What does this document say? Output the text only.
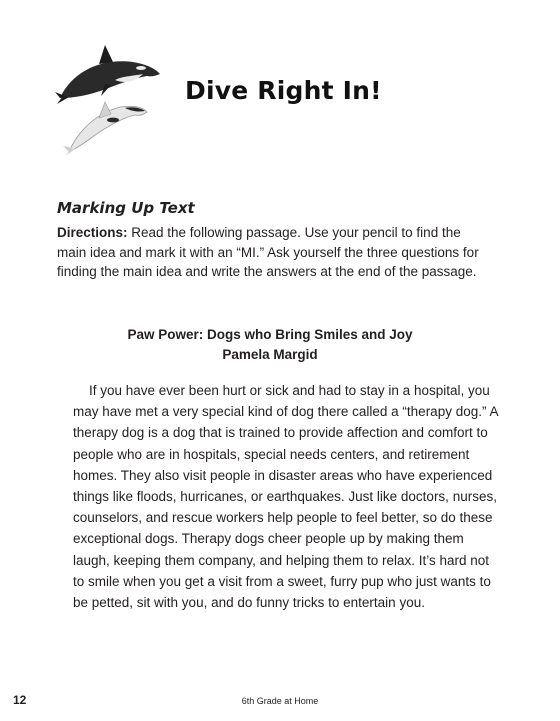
Dive Right In!
Marking Up Text
Directions: Read the following passage. Use your pencil to find the main idea and mark it with an “MI.” Ask yourself the three questions for finding the main idea and write the answers at the end of the passage.
Paw Power: Dogs who Bring Smiles and Joy
Pamela Margid
If you have ever been hurt or sick and had to stay in a hospital, you may have met a very special kind of dog there called a “therapy dog.” A therapy dog is a dog that is trained to provide affection and comfort to people who are in hospitals, special needs centers, and retirement homes. They also visit people in disaster areas who have experienced things like floods, hurricanes, or earthquakes. Just like doctors, nurses, counselors, and rescue workers help people to feel better, so do these exceptional dogs. Therapy dogs cheer people up by making them laugh, keeping them company, and helping them to relax. It’s hard not to smile when you get a visit from a sweet, furry pup who just wants to be petted, sit with you, and do funny tricks to entertain you.
12	6th Grade at Home
